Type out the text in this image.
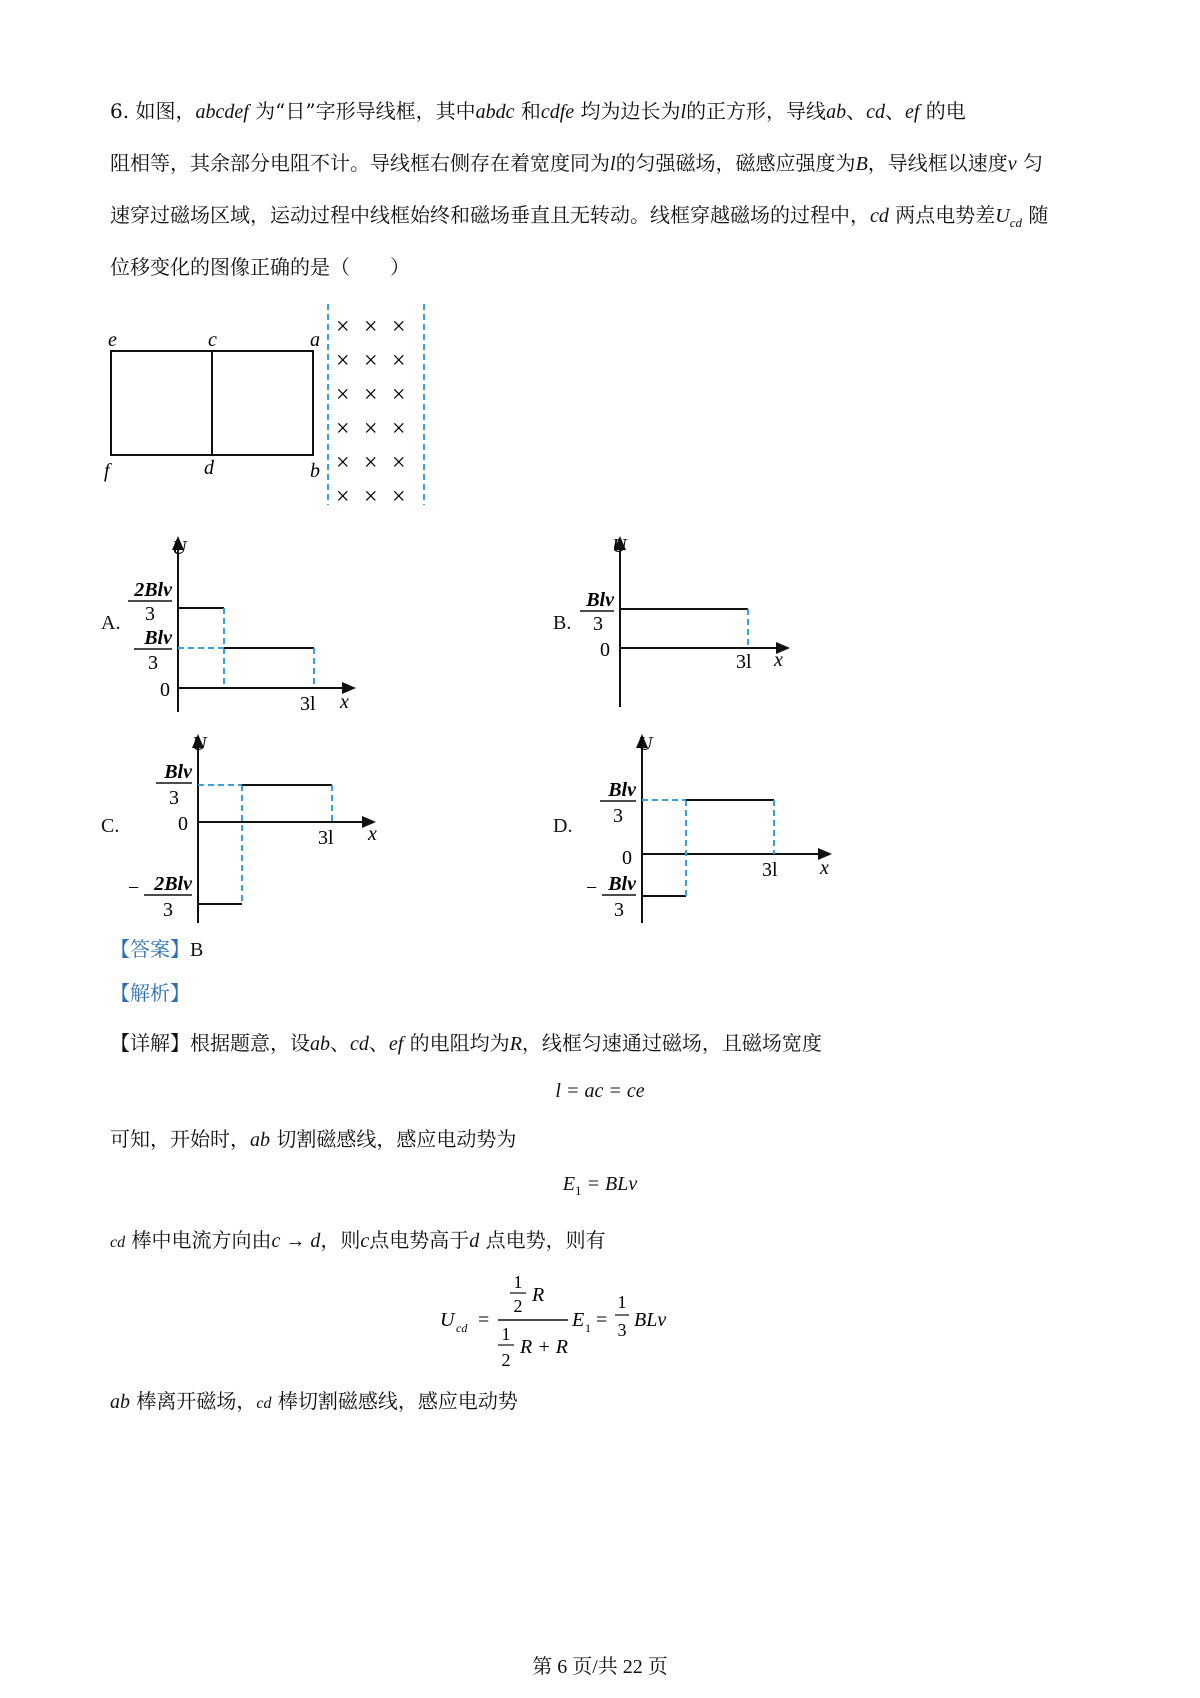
6. 如图，abcdef 为“日”字形导线框，其中abdc 和cdfe 均为边长为l的正方形，导线ab、cd、ef 的电
阻相等，其余部分电阻不计。导线框右侧存在着宽度同为l的匀强磁场，磁感应强度为B，导线框以速度v 匀
速穿过磁场区域，运动过程中线框始终和磁场垂直且无转动。线框穿越磁场的过程中，cd 两点电势差$U_{cd}$ 随
位移变化的图像正确的是（　　）
e	c	a
f	d	b
× × ×
× × ×
× × ×
× × ×
× × ×
× × ×
A.
U
x
2Blv
3
Blv
3
0
3l
B.
U
x
Blv
3
0
3l
C.
U
x
Blv
3
0
3l
− 2Blv
3
D.
U
x
Blv
3
0
3l
− Blv
3
【答案】B
【解析】
【详解】根据题意，设ab、cd、ef 的电阻均为R，线框匀速通过磁场，且磁场宽度
l = ac = ce
可知，开始时，ab 切割磁感线，感应电动势为
$E_1$ = BLv
cd 棒中电流方向由c → d，则c点电势高于d 点电势，则有
U cd =
1
2 R
1
2
R + R
E 1 =
1
3 BLv
ab 棒离开磁场，cd 棒切割磁感线，感应电动势
第 6 页/共 22 页
